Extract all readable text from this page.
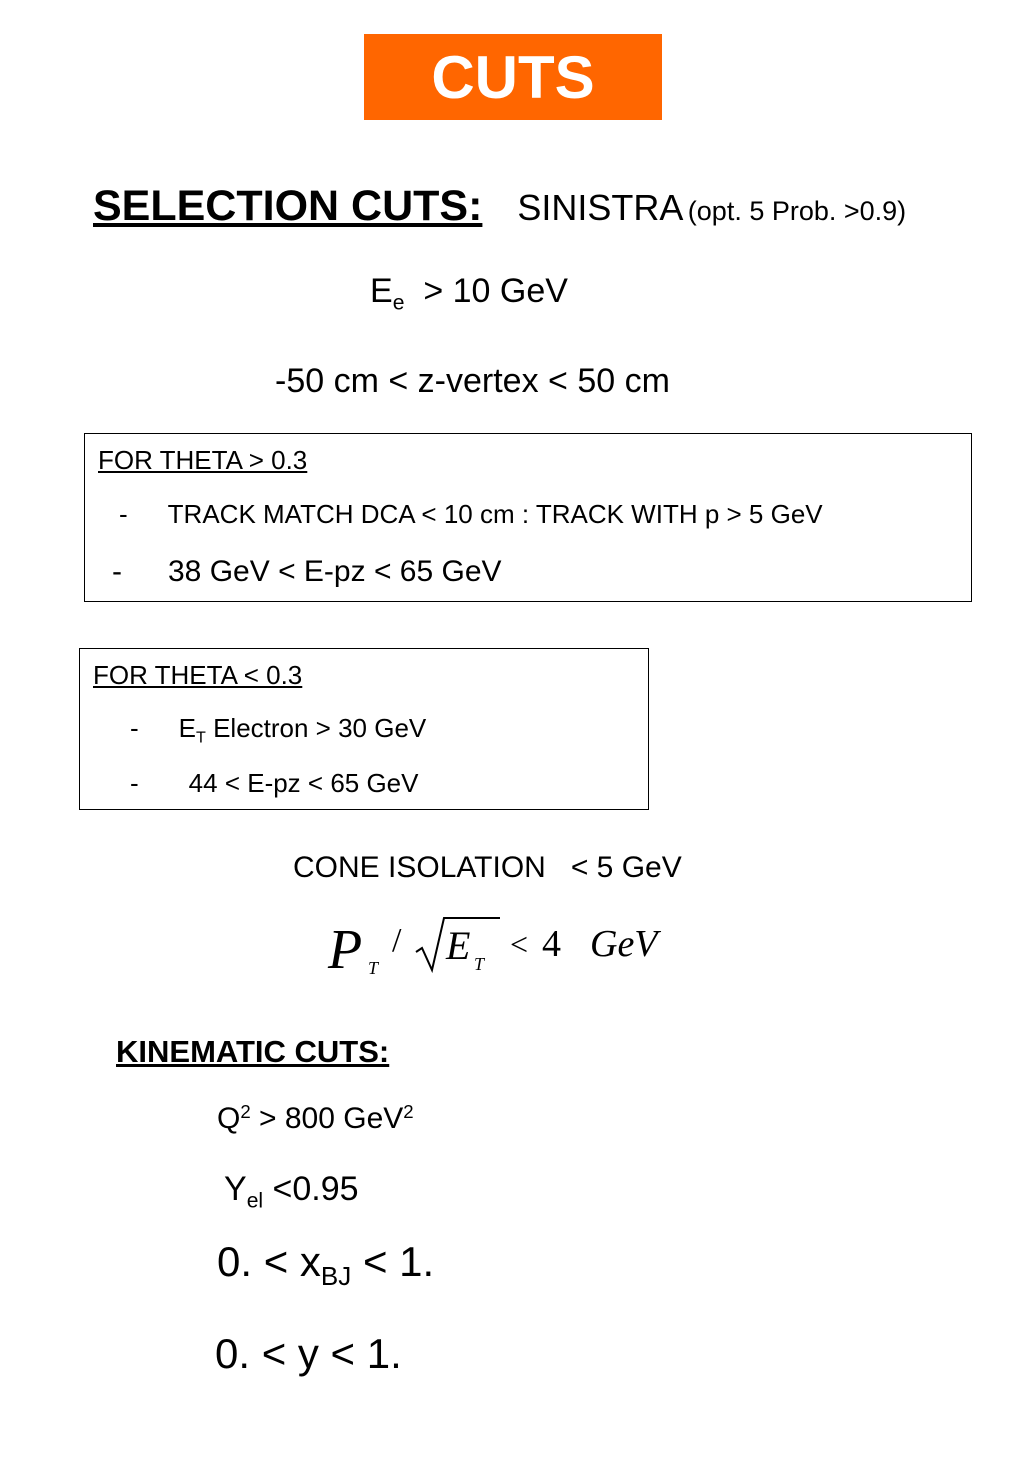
CUTS
SELECTION CUTS: SINISTRA (opt. 5 Prob. >0.9)
$E_e > 10$ GeV
-50 cm < z-vertex < 50 cm
FOR THETA > 0.3
- TRACK MATCH DCA < 10 cm : TRACK WITH p > 5 GeV
- 38 GeV < E-pz < 65 GeV
FOR THETA < 0.3
- $E_T$ Electron > 30 GeV
- 44 < E-pz < 65 GeV
CONE ISOLATION   < 5 GeV
P T
/ E T
< 4 GeV
KINEMATIC CUTS:
$Q^2 > 800$ GeV$^2$
$Y_{el} <0.95$
0. < $x_{BJ} < 1$.
0. < y < 1.
